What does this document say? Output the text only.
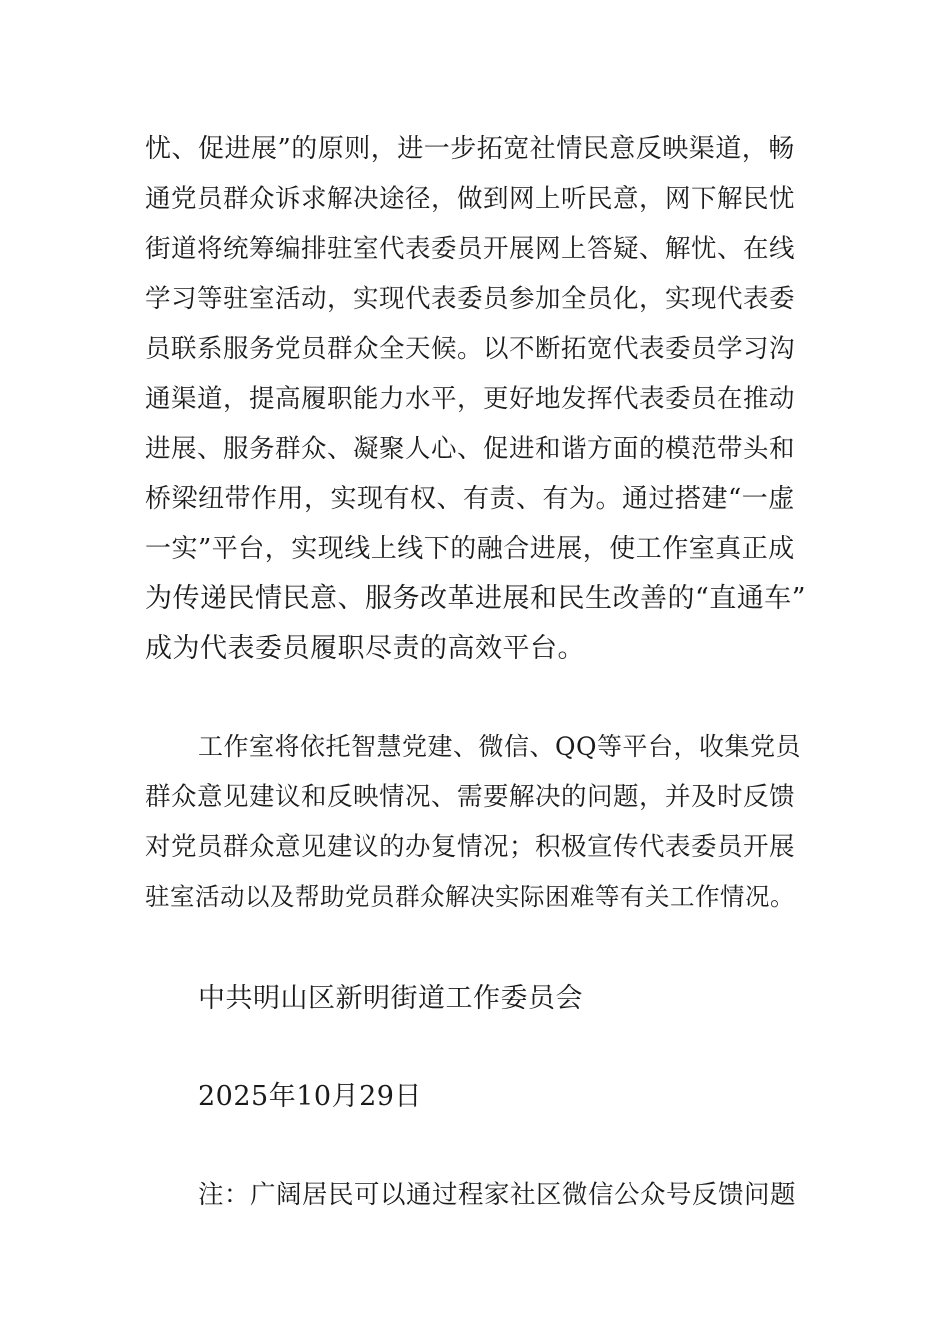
忧、促进展”的原则，进一步拓宽社情民意反映渠道，畅
通党员群众诉求解决途径，做到网上听民意，网下解民忧
街道将统筹编排驻室代表委员开展网上答疑、解忧、在线
学习等驻室活动，实现代表委员参加全员化，实现代表委
员联系服务党员群众全天候。以不断拓宽代表委员学习沟
通渠道，提高履职能力水平，更好地发挥代表委员在推动
进展、服务群众、凝聚人心、促进和谐方面的模范带头和
桥梁纽带作用，实现有权、有责、有为。通过搭建“一虚
一实”平台，实现线上线下的融合进展，使工作室真正成
为传递民情民意、服务改革进展和民生改善的“直通车”
成为代表委员履职尽责的高效平台。
工作室将依托智慧党建、微信、QQ等平台，收集党员
群众意见建议和反映情况、需要解决的问题，并及时反馈
对党员群众意见建议的办复情况；积极宣传代表委员开展
驻室活动以及帮助党员群众解决实际困难等有关工作情况。
中共明山区新明街道工作委员会
2025年10月29日
注：广阔居民可以通过程家社区微信公众号反馈问题
